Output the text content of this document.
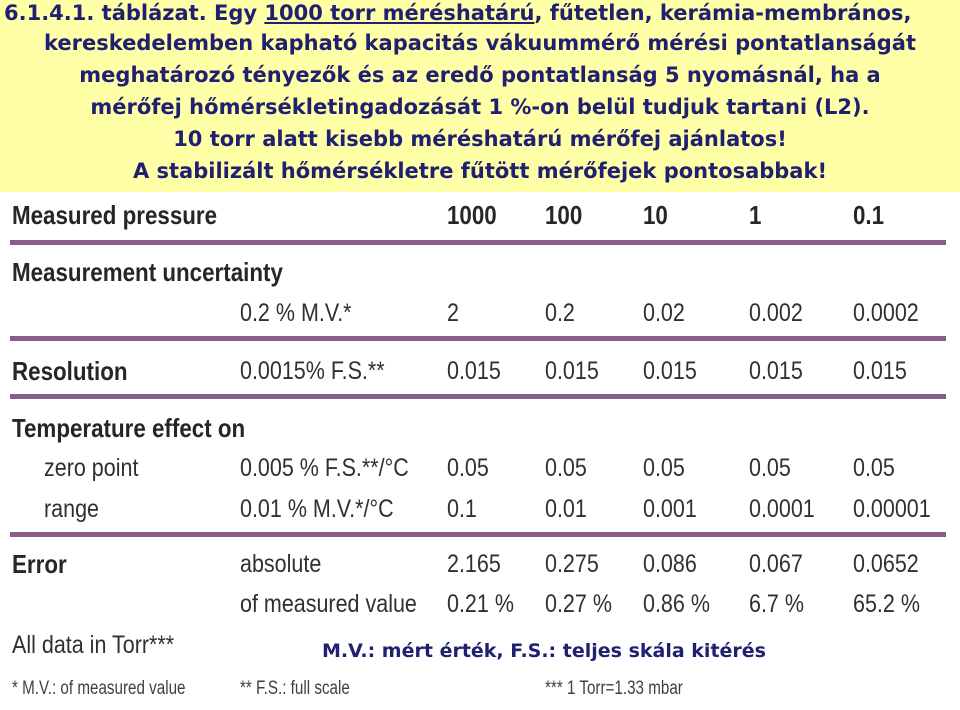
6.1.4.1. táblázat. Egy 1000 torr méréshatárú, fűtetlen, kerámia-membrános,
kereskedelemben kapható kapacitás vákuummérő mérési pontatlanságát
meghatározó tényezők és az eredő pontatlanság 5 nyomásnál, ha a
mérőfej hőmérsékletingadozását 1 %-on belül tudjuk tartani (L2).
10 torr alatt kisebb méréshatárú mérőfej ajánlatos!
A stabilizált hőmérsékletre fűtött mérőfejek pontosabbak!
Measured pressure	1000 100 10	1	0.1
Measurement uncertainty
0.2 % M.V.*	2	0.2	0.02	0.002 0.0002
Resolution	0.0015% F.S.** 0.015 0.015 0.015 0.015 0.015
Temperature effect on
zero point	0.005 % F.S.**/°C 0.05 0.05 0.05	0.05 0.05
range	0.01 % M.V.*/°C 0.1	0.01 0.001 0.0001 0.00001
Error	absolute	2.165 0.275 0.086 0.067 0.0652
of measured value 0.21 % 0.27 % 0.86 % 6.7 % 65.2 %
All data in Torr***	M.V.: mért érték, F.S.: teljes skála kitérés
* M.V.: of measured value	** F.S.: full scale	*** 1 Torr=1.33 mbar
